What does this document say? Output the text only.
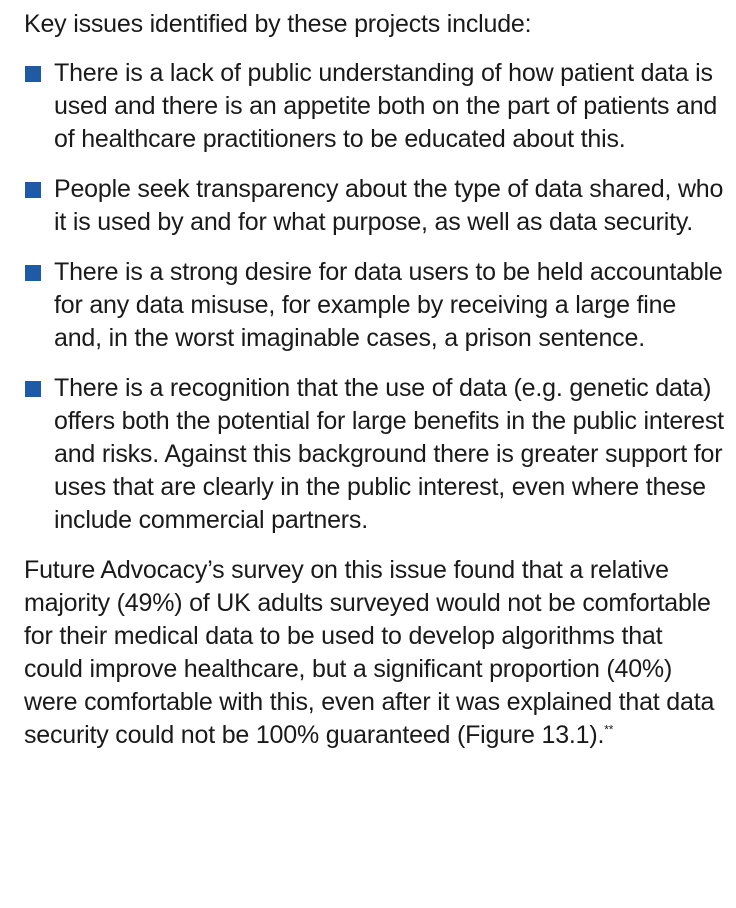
Key issues identified by these projects include:

There is a lack of public understanding of how patient data is used and there is an appetite both on the part of patients and of healthcare practitioners to be educated about this.
People seek transparency about the type of data shared, who it is used by and for what purpose, as well as data security.
There is a strong desire for data users to be held accountable for any data misuse, for example by receiving a large fine and, in the worst imaginable cases, a prison sentence.
There is a recognition that the use of data (e.g. genetic data) offers both the potential for large benefits in the public interest and risks. Against this background there is greater support for uses that are clearly in the public interest, even where these include commercial partners.

Future Advocacy’s survey on this issue found that a relative majority (49%) of UK adults surveyed would not be comfortable for their medical data to be used to develop algorithms that could improve healthcare, but a significant proportion (40%) were comfortable with this, even after it was explained that data security could not be 100% guaranteed (Figure 13.1).**
